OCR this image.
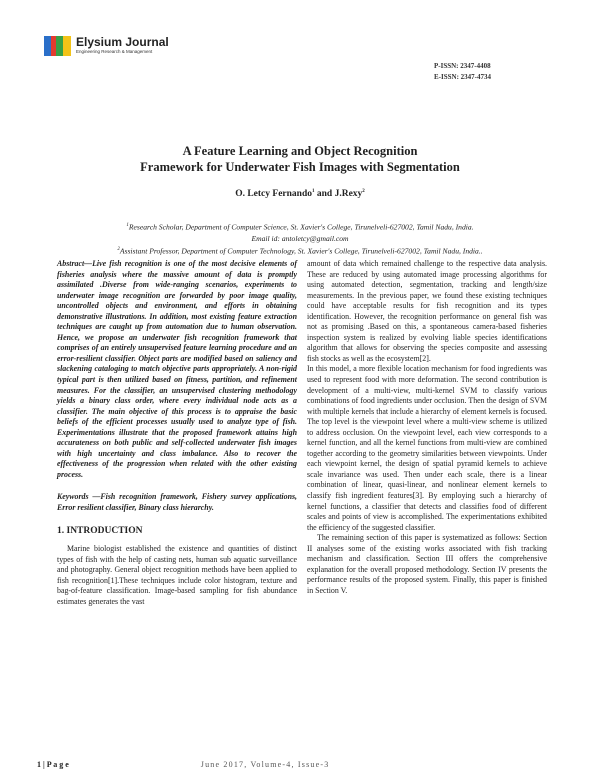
Elysium Journal
Engineering Research & Management
P-ISSN: 2347-4408
E-ISSN: 2347-4734
A Feature Learning and Object Recognition
Framework for Underwater Fish Images with Segmentation
O. Letcy Fernando$^1$ and J.Rexy$^2$
$^1$Research Scholar, Department of Computer Science, St. Xavier's College, Tirunelveli-627002, Tamil Nadu, India.
Email id: antoletcy@gmail.com
$^2$Assistant Professor, Department of Computer Technology, St. Xavier's College, Tirunelveli-627002, Tamil Nadu, India..

Abstract—Live fish recognition is one of the most decisive elements of fisheries analysis where the massive amount of data is promptly assimilated .Diverse from wide-ranging scenarios, experiments to underwater image recognition are forwarded by poor image quality, uncontrolled objects and environment, and efforts in obtaining demonstrative illustrations. In addition, most existing feature extraction techniques are caught up from automation due to human observation. Hence, we propose an underwater fish recognition framework that comprises of an entirely unsupervised feature learning procedure and an error-resilient classifier. Object parts are modified based on saliency and slackening cataloging to match objective parts appropriately. A non-rigid typical part is then utilized based on fitness, partition, and refinement measures. For the classifier, an unsupervised clustering methodology yields a binary class order, where every individual node acts as a classifier. The main objective of this process is to appraise the basic beliefs of the efficient processes usually used to analyze type of fish. Experimentations illustrate that the proposed framework attains high accurateness on both public and self-collected underwater fish images with high uncertainty and class imbalance. Also to recover the effectiveness of the progression when related with the other existing process.

Keywords —Fish recognition framework, Fishery survey applications, Error resilient classifier, Binary class hierarchy.

1. INTRODUCTION

Marine biologist established the existence and quantities of distinct types of fish with the help of casting nets, human sub aquatic surveillance and photography. General object recognition methods have been applied to fish recognition[1].These techniques include color histogram, texture and bag-of-feature classification. Image-based sampling for fish abundance estimates generates the vast

amount of data which remained challenge to the respective data analysis. These are reduced by using automated image processing algorithms for using automated detection, segmentation, tracking and length/size measurements. In the previous paper, we found these existing techniques could have acceptable results for fish recognition and its types identification. However, the recognition performance on general fish was not as promising .Based on this, a spontaneous camera-based fisheries inspection system is realized by evolving liable species identifications algorithm that allows for observing the species composite and assessing fish stocks as well as the ecosystem[2].

In this model, a more flexible location mechanism for food ingredients was used to represent food with more deformation. The second contribution is development of a multi-view, multi-kernel SVM to classify various combinations of food ingredients under occlusion. Then the design of SVM with multiple kernels that include a hierarchy of element kernels is focused. The top level is the viewpoint level where a multi-view scheme is utilized to address occlusion. On the viewpoint level, each view corresponds to a kernel function, and all the kernel functions from multi-view are combined together according to the geometry similarities between viewpoints. Under each viewpoint kernel, the design of spatial pyramid kernels to achieve scale invariance was used. Then under each scale, there is a linear combination of linear, quasi-linear, and nonlinear element kernels to classify fish ingredient features[3]. By employing such a hierarchy of kernel functions, a classifier that detects and classifies food of different scales and points of view is accomplished. The experimentations exhibited the efficiency of the suggested classifier.

The remaining section of this paper is systematized as follows: Section II analyses some of the existing works associated with fish tracking mechanism and classification. Section III offers the comprehensive explanation for the overall proposed methodology. Section IV presents the performance results of the proposed system. Finally, this paper is finished in Section V.

1 | P a g e	June 2017, Volume-4, Issue-3
